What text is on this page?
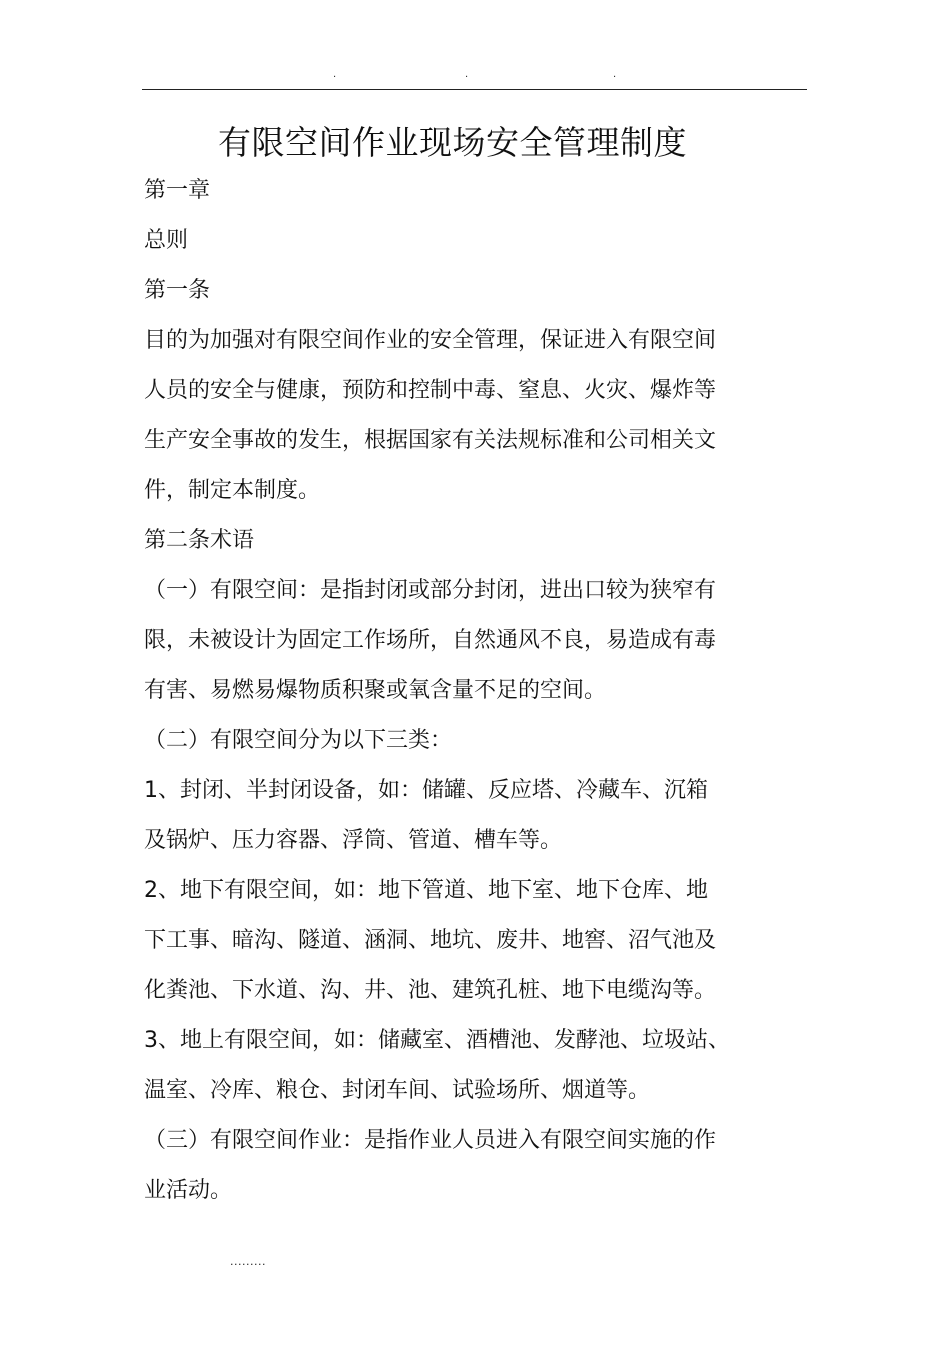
.	.	.
有限空间作业现场安全管理制度
第一章
总则
第一条
目的为加强对有限空间作业的安全管理，保证进入有限空间
人员的安全与健康，预防和控制中毒、窒息、火灾、爆炸等
生产安全事故的发生，根据国家有关法规标准和公司相关文
件，制定本制度。
第二条术语
（一）有限空间：是指封闭或部分封闭，进出口较为狭窄有
限，未被设计为固定工作场所，自然通风不良，易造成有毒
有害、易燃易爆物质积聚或氧含量不足的空间。
（二）有限空间分为以下三类：
1、封闭、半封闭设备，如：储罐、反应塔、冷藏车、沉箱
及锅炉、压力容器、浮筒、管道、槽车等。
2、地下有限空间，如：地下管道、地下室、地下仓库、地
下工事、暗沟、隧道、涵洞、地坑、废井、地窖、沼气池及
化粪池、下水道、沟、井、池、建筑孔桩、地下电缆沟等。
3、地上有限空间，如：储藏室、酒槽池、发酵池、垃圾站、
温室、冷库、粮仓、封闭车间、试验场所、烟道等。
（三）有限空间作业：是指作业人员进入有限空间实施的作
业活动。
.........
